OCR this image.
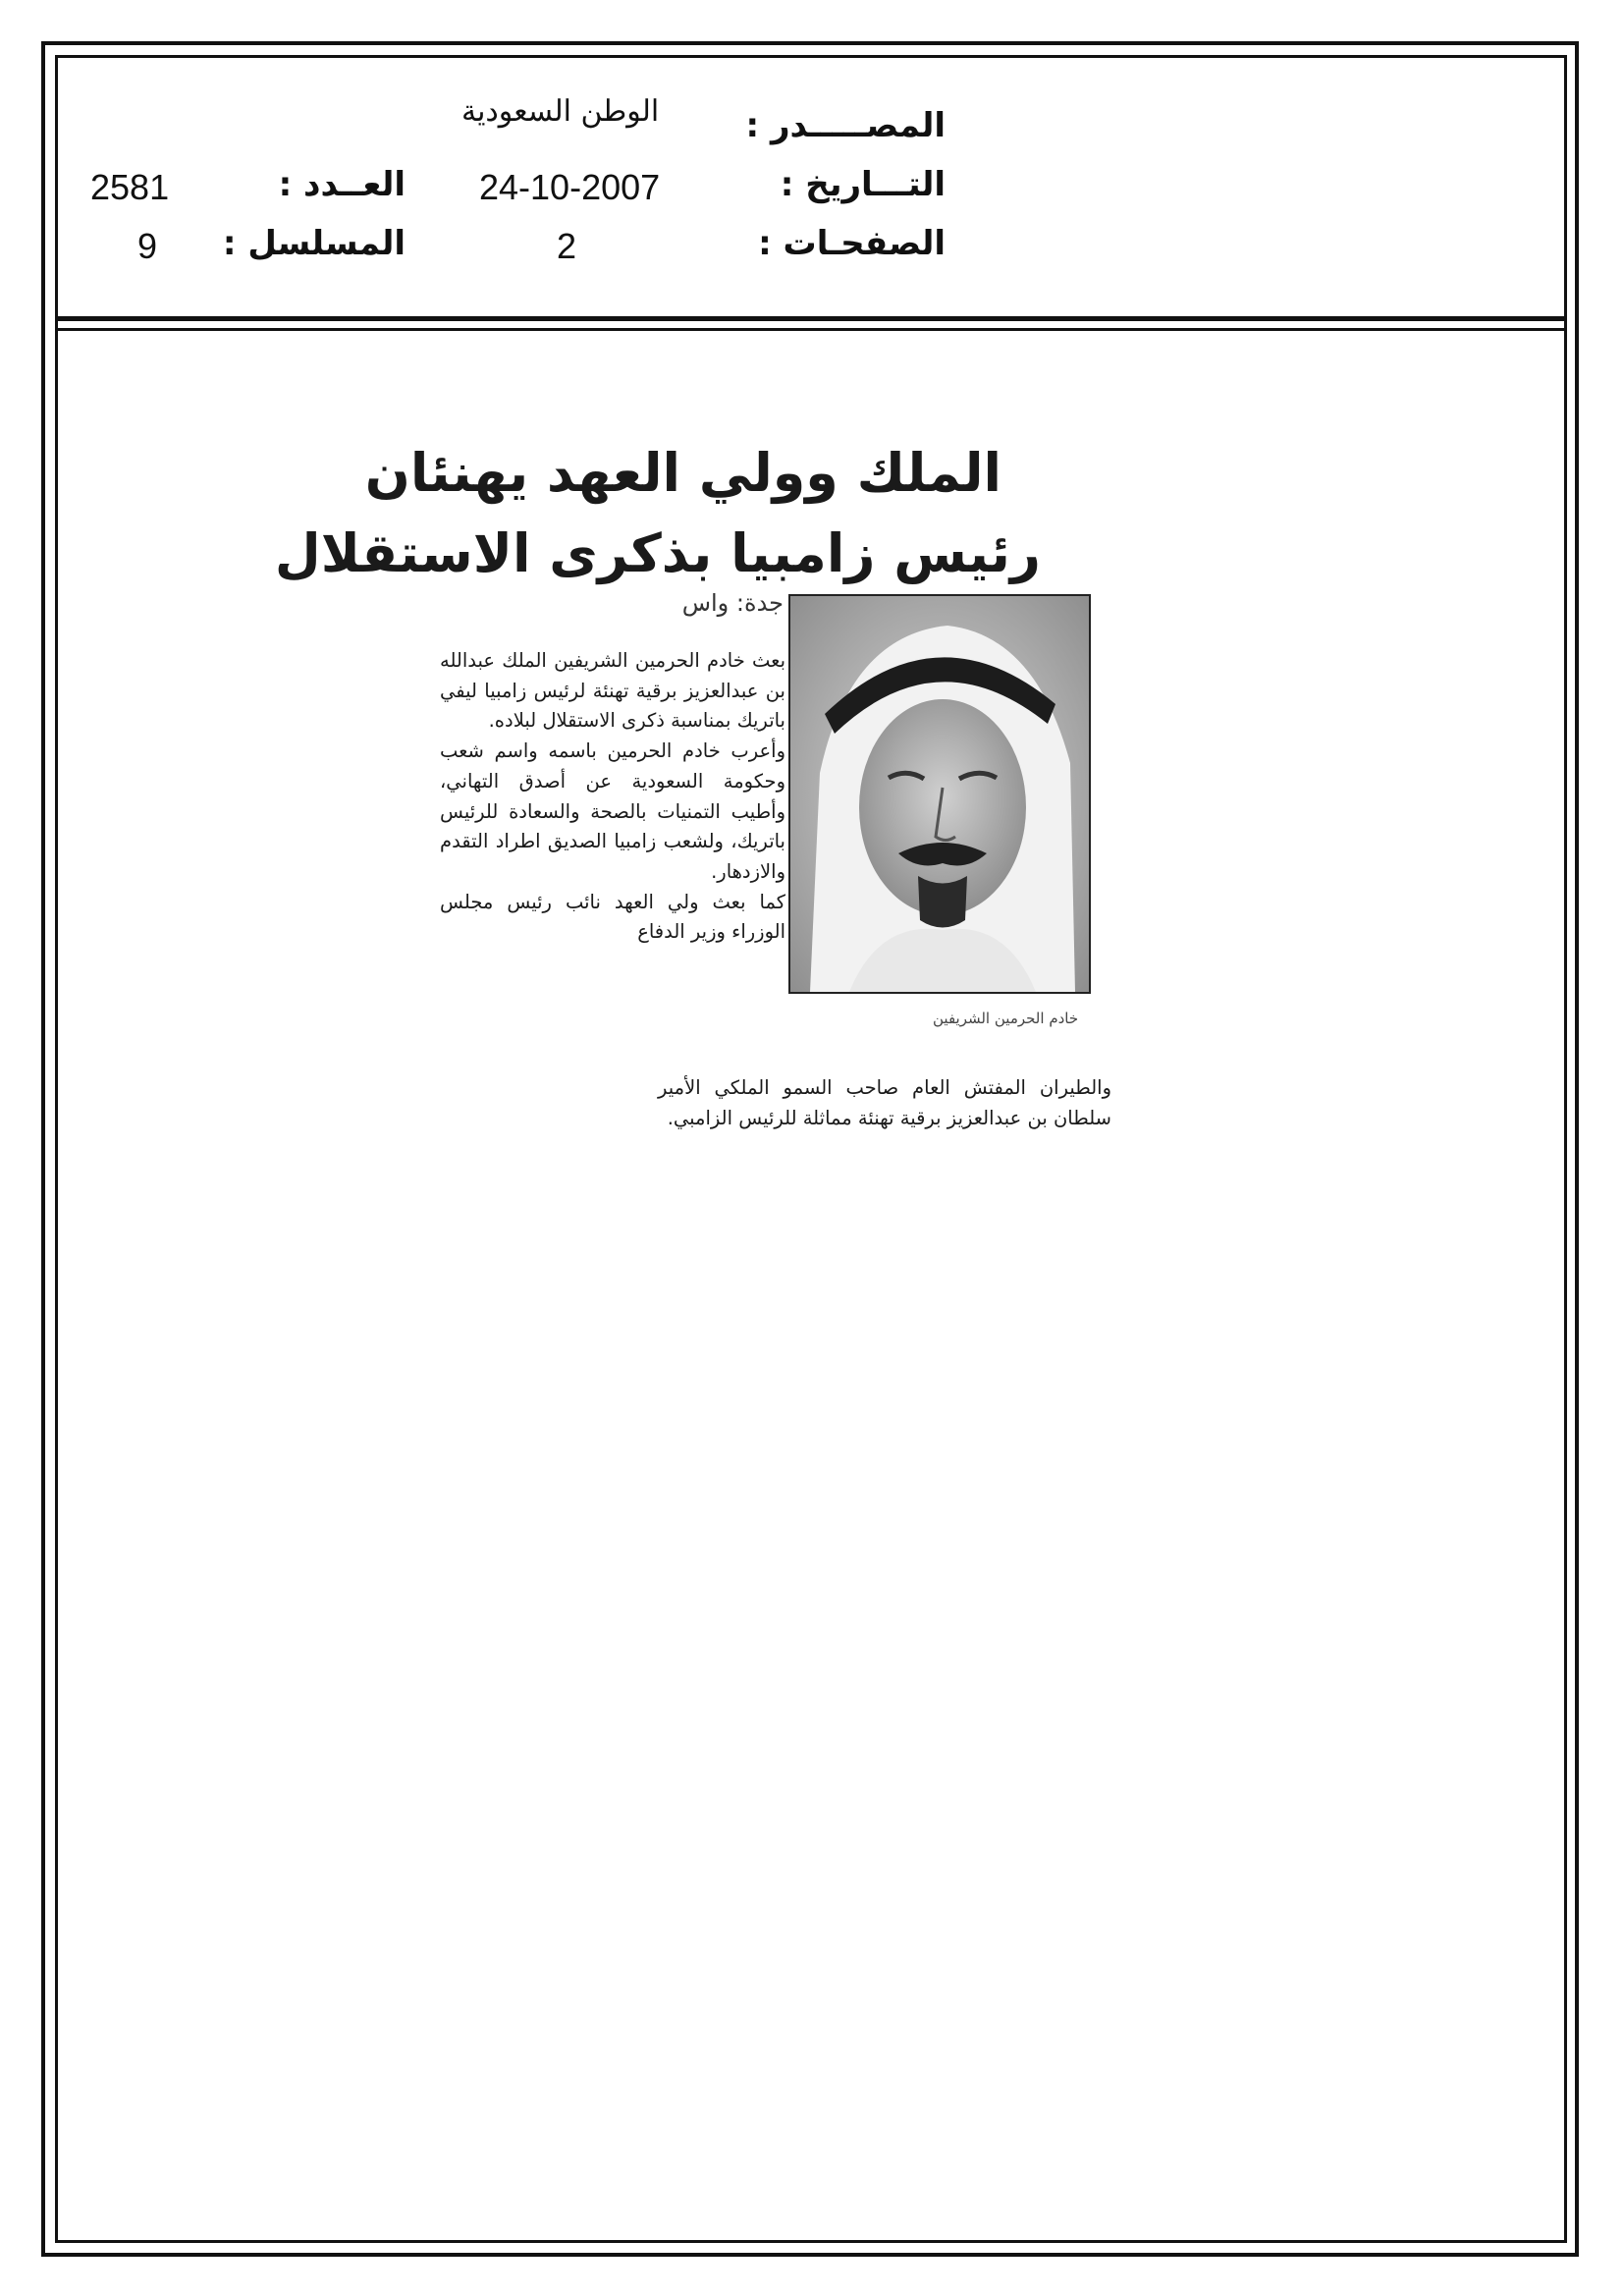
المصـــــدر :
الوطن السعودية
التـــاريخ :
24-10-2007
العــدد :
2581
الصفحـات :
2
المسلسل :
9
الملك وولي العهد يهنئان
رئيس زامبيا بذكرى الاستقلال
جدة: واس

بعث خادم الحرمين الشريفين الملك عبدالله بن عبدالعزيز برقية تهنئة لرئيس زامبيا ليفي باتريك بمناسبة ذكرى الاستقلال لبلاده.

وأعرب خادم الحرمين باسمه واسم شعب وحكومة السعودية عن أصدق التهاني، وأطيب التمنيات بالصحة والسعادة للرئيس باتريك، ولشعب زامبيا الصديق اطراد التقدم والازدهار.

كما بعث ولي العهد نائب رئيس مجلس الوزراء وزير الدفاع

والطيران المفتش العام صاحب السمو الملكي الأمير سلطان بن عبدالعزيز برقية تهنئة مماثلة للرئيس الزامبي.
خادم الحرمين الشريفين
